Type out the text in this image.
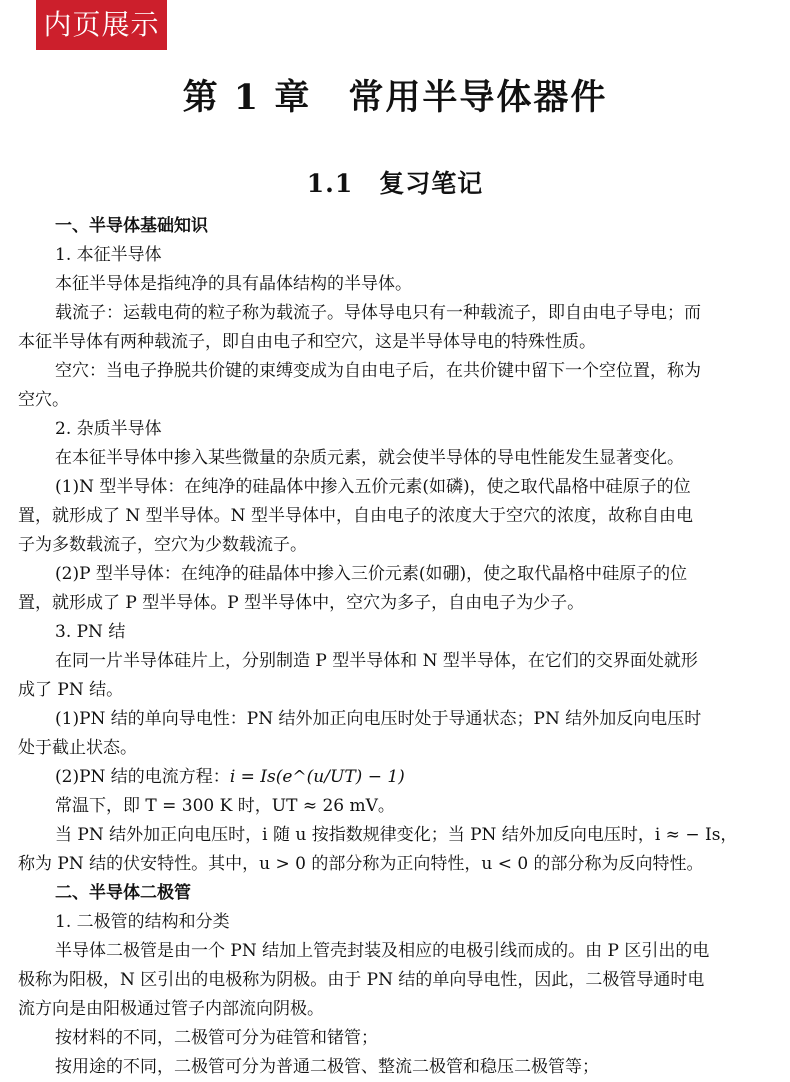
内页展示
第 1 章　常用半导体器件
1.1　复习笔记

一、半导体基础知识

1. 本征半导体

本征半导体是指纯净的具有晶体结构的半导体。

载流子：运载电荷的粒子称为载流子。导体导电只有一种载流子，即自由电子导电；而

本征半导体有两种载流子，即自由电子和空穴，这是半导体导电的特殊性质。

空穴：当电子挣脱共价键的束缚变成为自由电子后，在共价键中留下一个空位置，称为

空穴。

2. 杂质半导体

在本征半导体中掺入某些微量的杂质元素，就会使半导体的导电性能发生显著变化。

(1)N 型半导体：在纯净的硅晶体中掺入五价元素(如磷)，使之取代晶格中硅原子的位

置，就形成了 N 型半导体。N 型半导体中，自由电子的浓度大于空穴的浓度，故称自由电

子为多数载流子，空穴为少数载流子。

(2)P 型半导体：在纯净的硅晶体中掺入三价元素(如硼)，使之取代晶格中硅原子的位

置，就形成了 P 型半导体。P 型半导体中，空穴为多子，自由电子为少子。

3. PN 结

在同一片半导体硅片上，分别制造 P 型半导体和 N 型半导体，在它们的交界面处就形

成了 PN 结。

(1)PN 结的单向导电性：PN 结外加正向电压时处于导通状态；PN 结外加反向电压时

处于截止状态。

(2)PN 结的电流方程：i = Is(e^(u/UT) − 1)

常温下，即 T = 300 K 时，UT ≈ 26 mV。

当 PN 结外加正向电压时，i 随 u 按指数规律变化；当 PN 结外加反向电压时，i ≈ − Is，

称为 PN 结的伏安特性。其中，u > 0 的部分称为正向特性，u < 0 的部分称为反向特性。

二、半导体二极管

1. 二极管的结构和分类

半导体二极管是由一个 PN 结加上管壳封装及相应的电极引线而成的。由 P 区引出的电

极称为阳极，N 区引出的电极称为阴极。由于 PN 结的单向导电性，因此，二极管导通时电

流方向是由阳极通过管子内部流向阴极。

按材料的不同，二极管可分为硅管和锗管；

按用途的不同，二极管可分为普通二极管、整流二极管和稳压二极管等；
